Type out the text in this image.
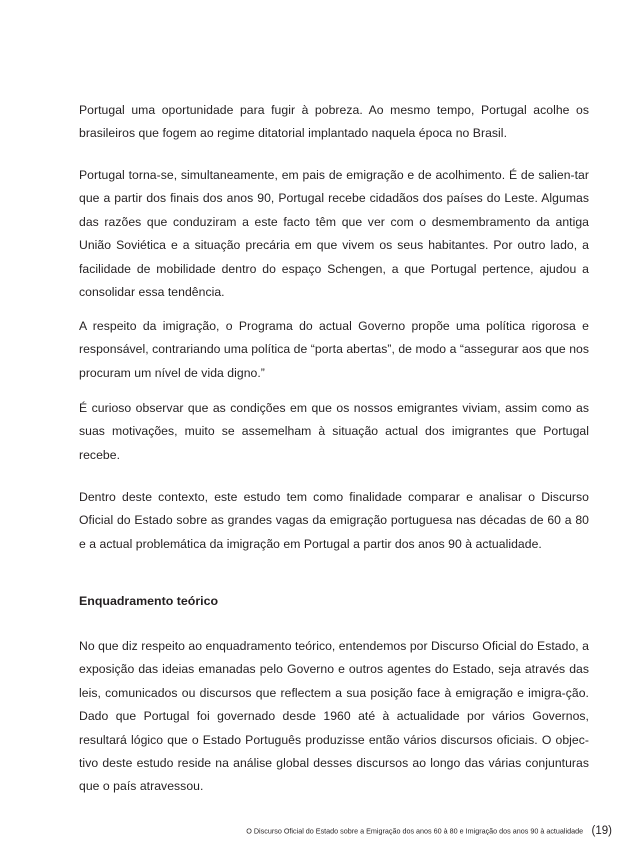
Portugal uma oportunidade para fugir à pobreza. Ao mesmo tempo, Portugal acolhe os brasileiros que fogem ao regime ditatorial implantado naquela época no Brasil.

Portugal torna-se, simultaneamente, em pais de emigração e de acolhimento. É de salien-tar que a partir dos finais dos anos 90, Portugal recebe cidadãos dos países do Leste. Algumas das razões que conduziram a este facto têm que ver com o desmembramento da antiga União Soviética e a situação precária em que vivem os seus habitantes. Por outro lado, a facilidade de mobilidade dentro do espaço Schengen, a que Portugal pertence, ajudou a consolidar essa tendência.

A respeito da imigração, o Programa do actual Governo propõe uma política rigorosa e responsável, contrariando uma política de “porta abertas”, de modo a “assegurar aos que nos procuram um nível de vida digno.”

É curioso observar que as condições em que os nossos emigrantes viviam, assim como as suas motivações, muito se assemelham à situação actual dos imigrantes que Portugal recebe.

Dentro deste contexto, este estudo tem como finalidade comparar e analisar o Discurso Oficial do Estado sobre as grandes vagas da emigração portuguesa nas décadas de 60 a 80 e a actual problemática da imigração em Portugal a partir dos anos 90 à actualidade.

Enquadramento teórico

No que diz respeito ao enquadramento teórico, entendemos por Discurso Oficial do Estado, a exposição das ideias emanadas pelo Governo e outros agentes do Estado, seja através das leis, comunicados ou discursos que reflectem a sua posição face à emigração e imigra-ção. Dado que Portugal foi governado desde 1960 até à actualidade por vários Governos, resultará lógico que o Estado Português produzisse então vários discursos oficiais. O objec-tivo deste estudo reside na análise global desses discursos ao longo das várias conjunturas que o país atravessou.

O Discurso Oficial do Estado sobre a Emigração dos anos 60 à 80 e Imigração dos anos 90 à actualidade (19)
